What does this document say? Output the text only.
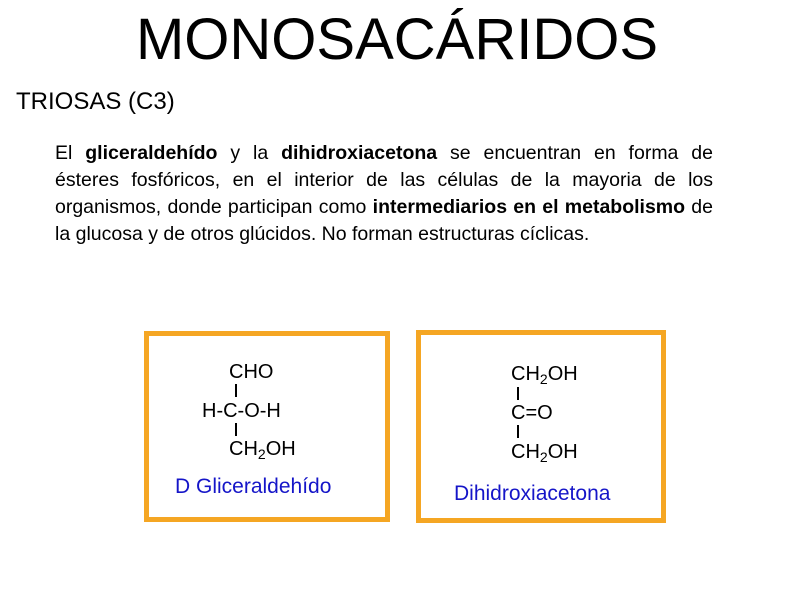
MONOSACÁRIDOS
TRIOSAS (C3)
El gliceraldehído y la dihidroxiacetona se encuentran en forma de ésteres fosfóricos, en el interior de las células de la mayoria de los organismos, donde participan como intermediarios en el metabolismo de la glucosa y de otros glúcidos. No forman estructuras cíclicas.
CHO
H-C-O-H
$CH_2OH$
D Gliceraldehído
$CH_2OH$
C=O
$CH_2OH$
Dihidroxiacetona
